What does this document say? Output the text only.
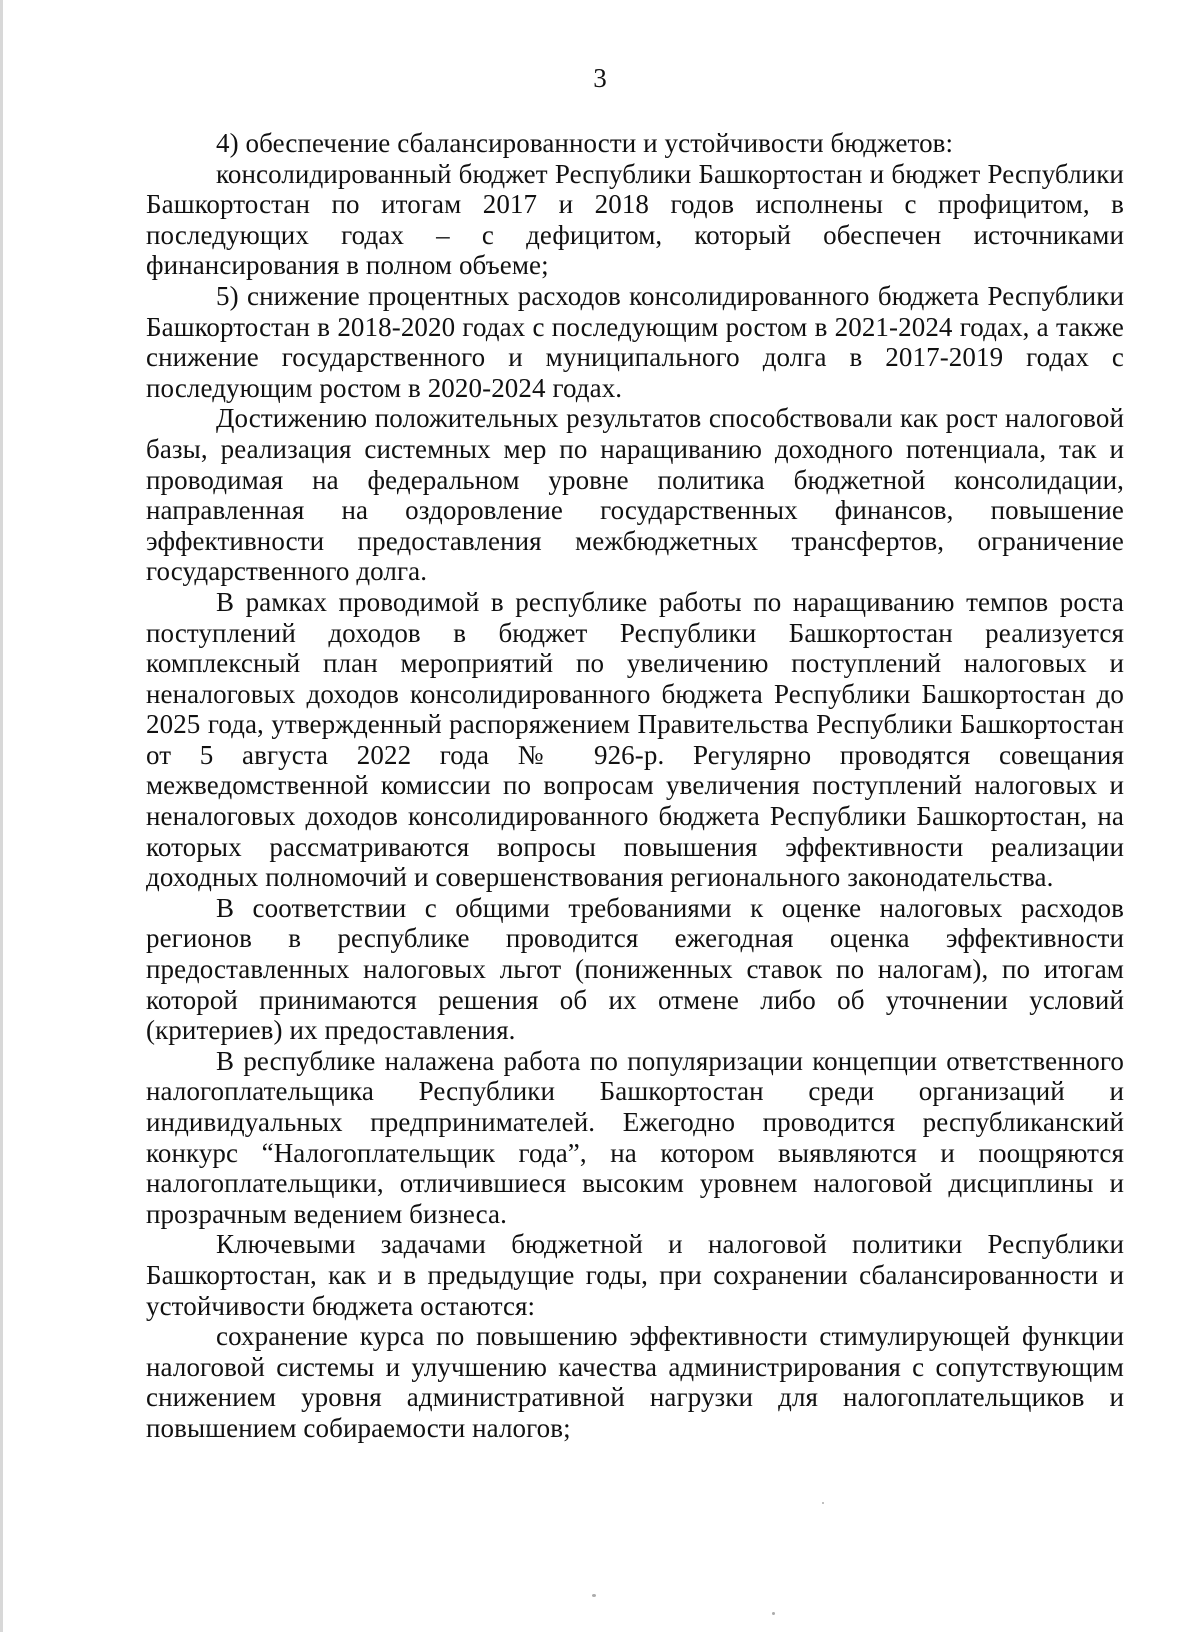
3

4) обеспечение сбалансированности и устойчивости бюджетов:

консолидированный бюджет Республики Башкортостан и бюджет Республики Башкортостан по итогам 2017 и 2018 годов исполнены с профицитом, в последующих годах – с дефицитом, который обеспечен источниками финансирования в полном объеме;

5) снижение процентных расходов консолидированного бюджета Республики Башкортостан в 2018-2020 годах с последующим ростом в 2021-2024 годах, а также снижение государственного и муниципального долга в 2017-2019 годах с последующим ростом в 2020-2024 годах.

Достижению положительных результатов способствовали как рост налоговой базы, реализация системных мер по наращиванию доходного потенциала, так и проводимая на федеральном уровне политика бюджетной консолидации, направленная на оздоровление государственных финансов, повышение эффективности предоставления межбюджетных трансфертов, ограничение государственного долга.

В рамках проводимой в республике работы по наращиванию темпов роста поступлений доходов в бюджет Республики Башкортостан реализуется комплексный план мероприятий по увеличению поступлений налоговых и неналоговых доходов консолидированного бюджета Республики Башкортостан до 2025 года, утвержденный распоряжением Правительства Республики Башкортостан от 5 августа 2022 года № 926-р. Регулярно проводятся совещания межведомственной комиссии по вопросам увеличения поступлений налоговых и неналоговых доходов консолидированного бюджета Республики Башкортостан, на которых рассматриваются вопросы повышения эффективности реализации доходных полномочий и совершенствования регионального законодательства.

В соответствии с общими требованиями к оценке налоговых расходов регионов в республике проводится ежегодная оценка эффективности предоставленных налоговых льгот (пониженных ставок по налогам), по итогам которой принимаются решения об их отмене либо об уточнении условий (критериев) их предоставления.

В республике налажена работа по популяризации концепции ответственного налогоплательщика Республики Башкортостан среди организаций и индивидуальных предпринимателей. Ежегодно проводится республиканский конкурс “Налогоплательщик года”, на котором выявляются и поощряются налогоплательщики, отличившиеся высоким уровнем налоговой дисциплины и прозрачным ведением бизнеса.

Ключевыми задачами бюджетной и налоговой политики Республики Башкортостан, как и в предыдущие годы, при сохранении сбалансированности и устойчивости бюджета остаются:

сохранение курса по повышению эффективности стимулирующей функции налоговой системы и улучшению качества администрирования с сопутствующим снижением уровня административной нагрузки для налогоплательщиков и повышением собираемости налогов;
